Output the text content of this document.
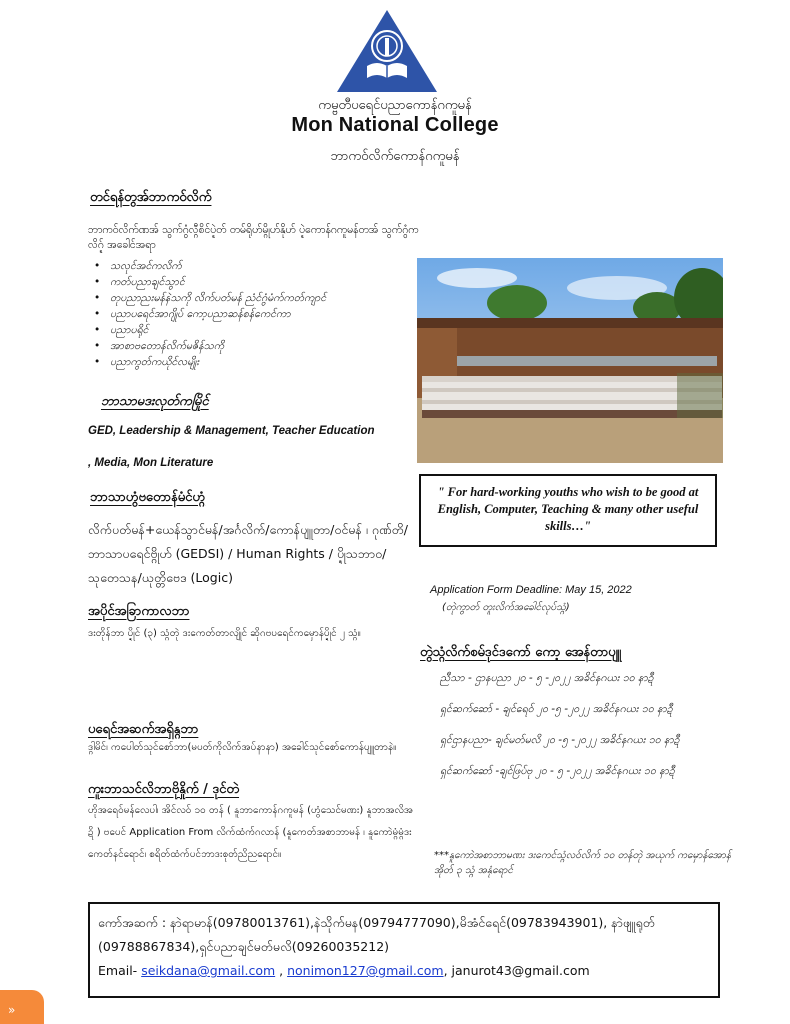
ကမ္ဗတီပရေင်ပညာကောန်ဂကူမန်
Mon National College
ဘာကဝ်လိက်ကောန်ဂကူမန်
တင်ရန်တွအ်ဘာကဝ်လိက်
ဘာကဝ်လိက်ဏအ် သွက်ဂွံလ္ဂီစိင်ပ္ဍဲတ် တမ်ရိုဟ်မ္ဂိုဟ်နိုဟ် ပ္ဍဲကောန်ဂကူမန်တအ် သွက်ဂွံကလိဂ္ဍ် အခေါင်အရာ
• သလုင်အင်ကလိက်
• ကတ်ပညာချင်သွာင်
• တုပညာညးမန်နဲသကို လိက်ပတ်မန် ညံင်ဂွံမံက်ကတ်ကျာင်
• ပညာပရေင်အာဂျိုပ် ကော့ပညာဆန်စန်ကေင်ကာ
• ပညာပရိုင်
• အာစာဗတောန်လိက်မဇိန်သကို
• ပညာကွတ်ကယိုင်လမျိုး
ဘာသာမဒးလုတ်ကမြိုင်
GED, Leadership & Management, Teacher Education
, Media, Mon Literature
ဘာသာဟွံဗတောန်မံင်ဟ္ဂံ
လိက်ပတ်မန်+ယေန်သွာင်မန်/အင်္ဂလိက်/ကောန်ပျူတာ/ဝင်မန် ၊ ဂုဏ်တိ/ဘာသာပရေင်ဗ္ဂိုဟ် (GEDSI) / Human Rights / ပ္ဍိုသဘာဝ/သုတေသန/ယုတ္တိဗေဒ (Logic)
" For hard-working youths who wish to be good at English, Computer, Teaching & many other useful skills…"
Application Form Deadline: May 15, 2022
(တုဲကွာတ် တူးလိက်အခေါင်လုပ်သ္ဂံ)
အပိုင်အခြာကာလဘာ
ဒးတိုန်ဘာ ပ္ဍိုင် (၃) သ္ဂံတုဲ ဒးကေတ်တာလျိုင် ဆိုဂဗပရေင်ကမှောန်ပ္ဍိုင် ၂ သ္ဂံ။
တွဲသ္ဂံလိက်စမ်ဒုင်ဒကော် ကော့ အေန်တာပျူ
ညီသာ - ဌာနပညာ ၂၀ - ၅ -၂၀၂၂ အခိင်နဂယး ၁၀ နာဍီ
ရှင်ဆက်ဆော် - ချင်ရေဝ် ၂၀ -၅ -၂၀၂၂ အခိင်နဂယး ၁၀ နာဍီ
ရှင်ဌာနပညာ- ချင်မတ်မလိ ၂၀ -၅ -၂၀၂၂ အခိင်နဂယး ၁၀ နာဍီ
ရှင်ဆက်ဆော် -ချင်ဖြပ်ဗု ၂၀ - ၅ -၂၀၂၂ အခိင်နဂယး ၁၀ နာဍီ
ပရေင်အဆက်အရှိန္ဂဘာ
ဒ္ဂါမိင်၊ ကပေါတ်သုင်စော်ဘာ(မပတ်ကိုလိက်အပ်နာနာ) အခေါင်သုင်စော်ကောန်ပျူတာနဲ။
ကူးဘာသင်လိဘာဗိုနှိုက် / ဒုင်တဲ
ဟိုအရေဝ်မန်လေပါ၊ အိင်လဝ် ၁၀ တန် ( နူဘာကောန်ဂကူမန် (ဟွံသေင်မဏး) နူဘာအလိအဍိ ) ဗပေင် Application From လိက်ထံက်ဂလာန် (နူကေတ်အစာဘာမန် ၊ နူကောဲမ္ဂံမ္ဂံဒး ကေတ်နင်ရောင်၊ စရိတ်ထံက်ပင်ဘာဒးစုတ်ညိညရောင်။	***နူကောဲအစာဘာမဏး ဒးကေင်သ္ဂံလဝ်လိက် ၁၀ တန်တုဲ အယုက် ကမှောန်အောန်အိုတ် ၃ သ္ဂံ အနုံရောင်
ကော်အဆက် : နာဲရာမာန်(09780013761),နဲသိုက်မန(09794777090),မိအံင်ရေင်(09783943901), နာဲဖျူရုတ် (09788867834),ရှင်ပညာချင်မတ်မလိ(09260035212)
Email- seikdana@gmail.com , nonimon127@gmail.com, janurot43@gmail.com
»
